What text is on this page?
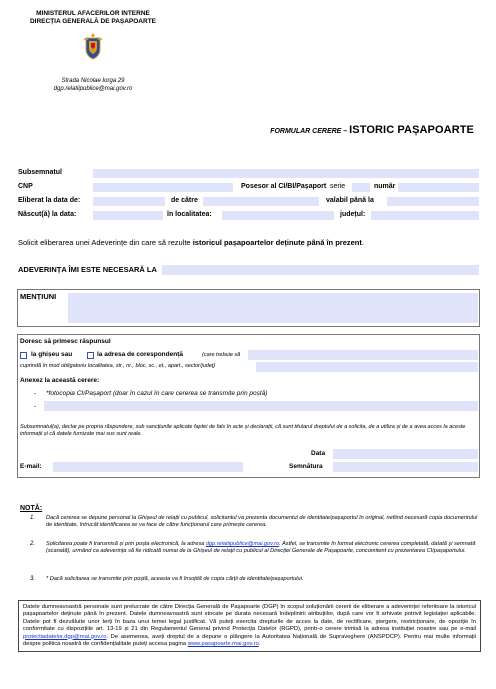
MINISTERUL AFACERILOR INTERNE
DIRECȚIA GENERALĂ DE PAȘAPOARTE
Strada Nicolae Iorga 29
dgp.relatiipublice@mai.gov.ro
FORMULAR CERERE – ISTORIC PAȘAPOARTE
Subsemnatul
CNP	Posesor al CI/BI/Pașaport serie	număr
Eliberat la data de:	de către	valabil până la
Născut(ă) la data:	în localitatea:	județul:
Solicit eliberarea unei Adeverințe din care să rezulte istoricul pașapoartelor deținute până în prezent.
ADEVERINȚA ÎMI ESTE NECESARĂ LA
MENȚIUNI
Doresc să primesc răspunsul
la ghișeu sau	la adresa de corespondență	(care trebuie să
cuprindă în mod obligatoriu localitatea, str., nr., bloc, sc., et., apart., sector/județ)
Anexez la această cerere:
- *fotocopia CI/Pașaport (doar în cazul în care cererea se transmite prin poștă)
-
Subsemnatul(a), declar pe propria răspundere, sub sancțiunile aplicate faptei de fals în acte și declarații, că sunt titularul dreptului de a solicita, de a utiliza și de a avea acces la aceste informații și că datele furnizate mai sus sunt reale.
Data
E-mail:	Semnătura
NOTĂ:
1. Dacă cererea se depune personal la Ghișeul de relații cu publicul, solicitantul va prezenta documentul de identitate/pașaportul în original, nefiind necesară copia documentului de identitate, întrucât identificarea se va face de către funcționarul care primește cererea.
2. Solicitarea poate fi transmisă și prin poșta electronică, la adresa dgp.relatiipublice@mai.gov.ro. Astfel, se transmite în format electronic cererea completată, datată și semnată (scanată), urmând ca adeverința să fie ridicată numai de la Ghișeul de relații cu publicul al Direcției Generale de Pașapoarte, concomitent cu prezentarea CI/pașaportului.
3. * Dacă solicitarea se transmite prin poștă, aceasta va fi însoțită de copia cărții de identitate/pașaportului.
Datele dumneavoastră personale sunt prelucrate de către Direcția Generală de Pașapoarte (DGP) în scopul soluționării cererii de eliberare a adeverinței referitoare la istoricul pașapoartelor deținute până în prezent. Datele dumneavoastră sunt stocate pe durata necesară îndeplinirii atribuțiilor, după care vor fi arhivate potrivit legislației aplicabile. Datele pot fi dezvăluite unor terți în baza unui temei legal justificat. Vă puteți exercita drepturile de acces la date, de rectificare, ștergere, restricționare, de opoziție în conformitate cu dispozițiile art. 13-19 și 21 din Regulamentul General privind Protecția Datelor (RGPD), printr-o cerere trimisă la adresa instituției noastre sau pe e-mail protectiadatelor.dgp@mai.gov.ro. De asemenea, aveți dreptul de a depune o plângere la Autoritatea Națională de Supraveghere (ANSPDCP). Pentru mai multe informații despre politica noastră de confidențialitate puteți accesa pagina www.pasapoarte.mai.gov.ro.
